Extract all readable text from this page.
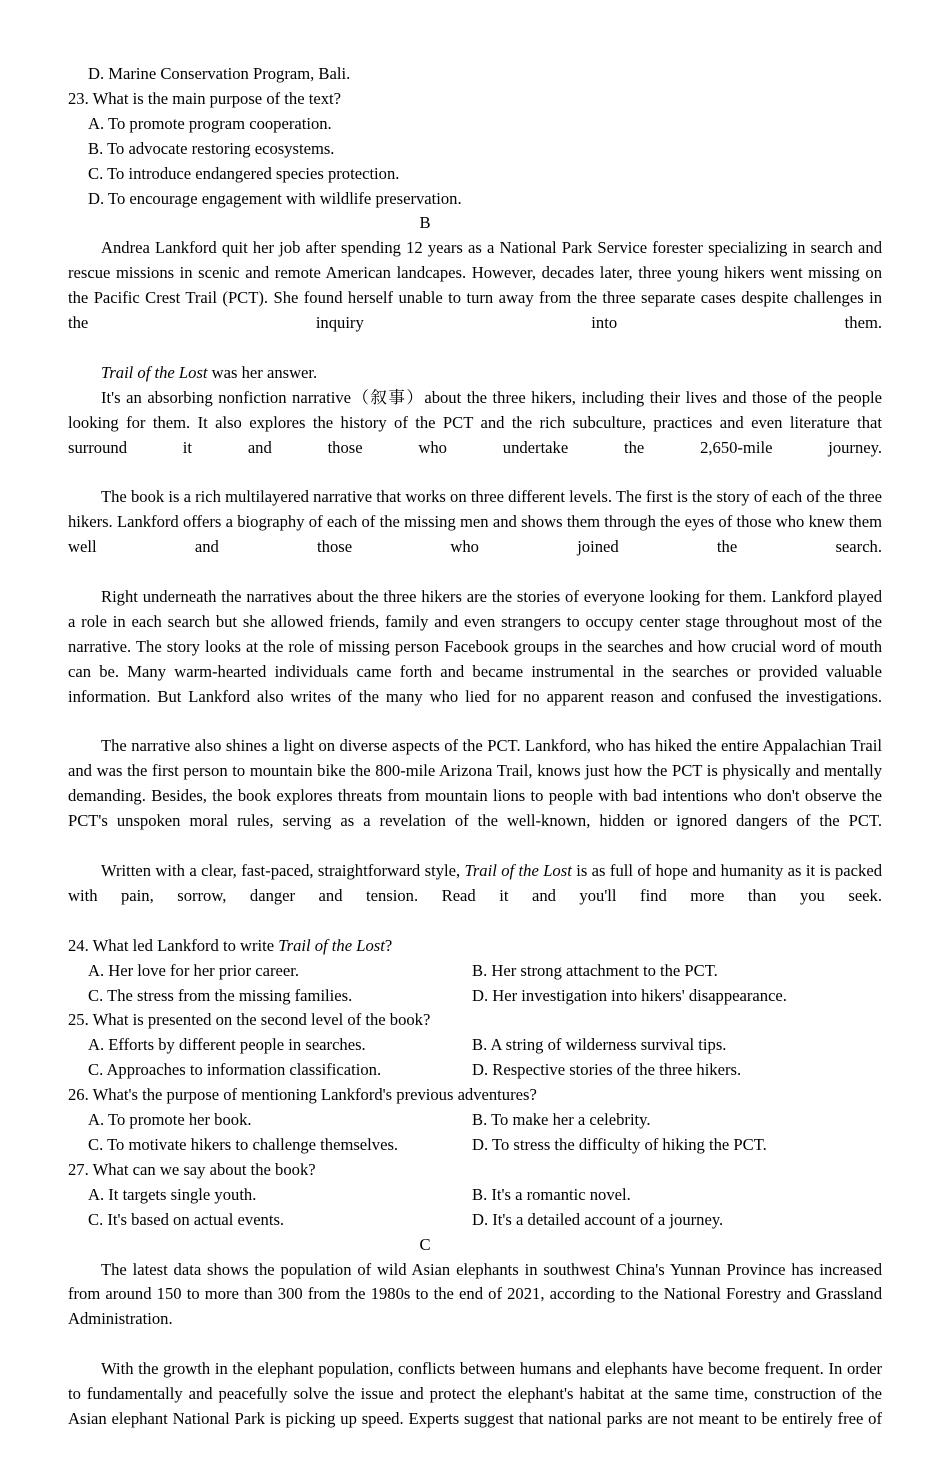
D. Marine Conservation Program, Bali.

23. What is the main purpose of the text?

A. To promote program cooperation.

B. To advocate restoring ecosystems.

C. To introduce endangered species protection.

D. To encourage engagement with wildlife preservation.

B

Andrea Lankford quit her job after spending 12 years as a National Park Service forester specializing in search and rescue missions in scenic and remote American landcapes. However, decades later, three young hikers went missing on the Pacific Crest Trail (PCT). She found herself unable to turn away from the three separate cases despite challenges in the inquiry into them.

Trail of the Lost was her answer.

It's an absorbing nonfiction narrative（叙事）about the three hikers, including their lives and those of the people looking for them. It also explores the history of the PCT and the rich subculture, practices and even literature that surround it and those who undertake the 2,650-mile journey.

The book is a rich multilayered narrative that works on three different levels. The first is the story of each of the three hikers. Lankford offers a biography of each of the missing men and shows them through the eyes of those who knew them well and those who joined the search.

Right underneath the narratives about the three hikers are the stories of everyone looking for them. Lankford played a role in each search but she allowed friends, family and even strangers to occupy center stage throughout most of the narrative. The story looks at the role of missing person Facebook groups in the searches and how crucial word of mouth can be. Many warm-hearted individuals came forth and became instrumental in the searches or provided valuable information. But Lankford also writes of the many who lied for no apparent reason and confused the investigations.

The narrative also shines a light on diverse aspects of the PCT. Lankford, who has hiked the entire Appalachian Trail and was the first person to mountain bike the 800-mile Arizona Trail, knows just how the PCT is physically and mentally demanding. Besides, the book explores threats from mountain lions to people with bad intentions who don't observe the PCT's unspoken moral rules, serving as a revelation of the well-known, hidden or ignored dangers of the PCT.

Written with a clear, fast-paced, straightforward style, Trail of the Lost is as full of hope and humanity as it is packed with pain, sorrow, danger and tension. Read it and you'll find more than you seek.

24. What led Lankford to write Trail of the Lost?

A. Her love for her prior career.	B. Her strong attachment to the PCT.
C. The stress from the missing families.	D. Her investigation into hikers' disappearance.

25. What is presented on the second level of the book?

A. Efforts by different people in searches.	B. A string of wilderness survival tips.
C. Approaches to information classification.	D. Respective stories of the three hikers.

26. What's the purpose of mentioning Lankford's previous adventures?

A. To promote her book.	B. To make her a celebrity.
C. To motivate hikers to challenge themselves.	D. To stress the difficulty of hiking the PCT.

27. What can we say about the book?

A. It targets single youth.	B. It's a romantic novel.
C. It's based on actual events.	D. It's a detailed account of a journey.

C

The latest data shows the population of wild Asian elephants in southwest China's Yunnan Province has increased from around 150 to more than 300 from the 1980s to the end of 2021, according to the National Forestry and Grassland Administration.

With the growth in the elephant population, conflicts between humans and elephants have become frequent. In order to fundamentally and peacefully solve the issue and protect the elephant's habitat at the same time, construction of the Asian elephant National Park is picking up speed. Experts suggest that national parks are not meant to be entirely free of
